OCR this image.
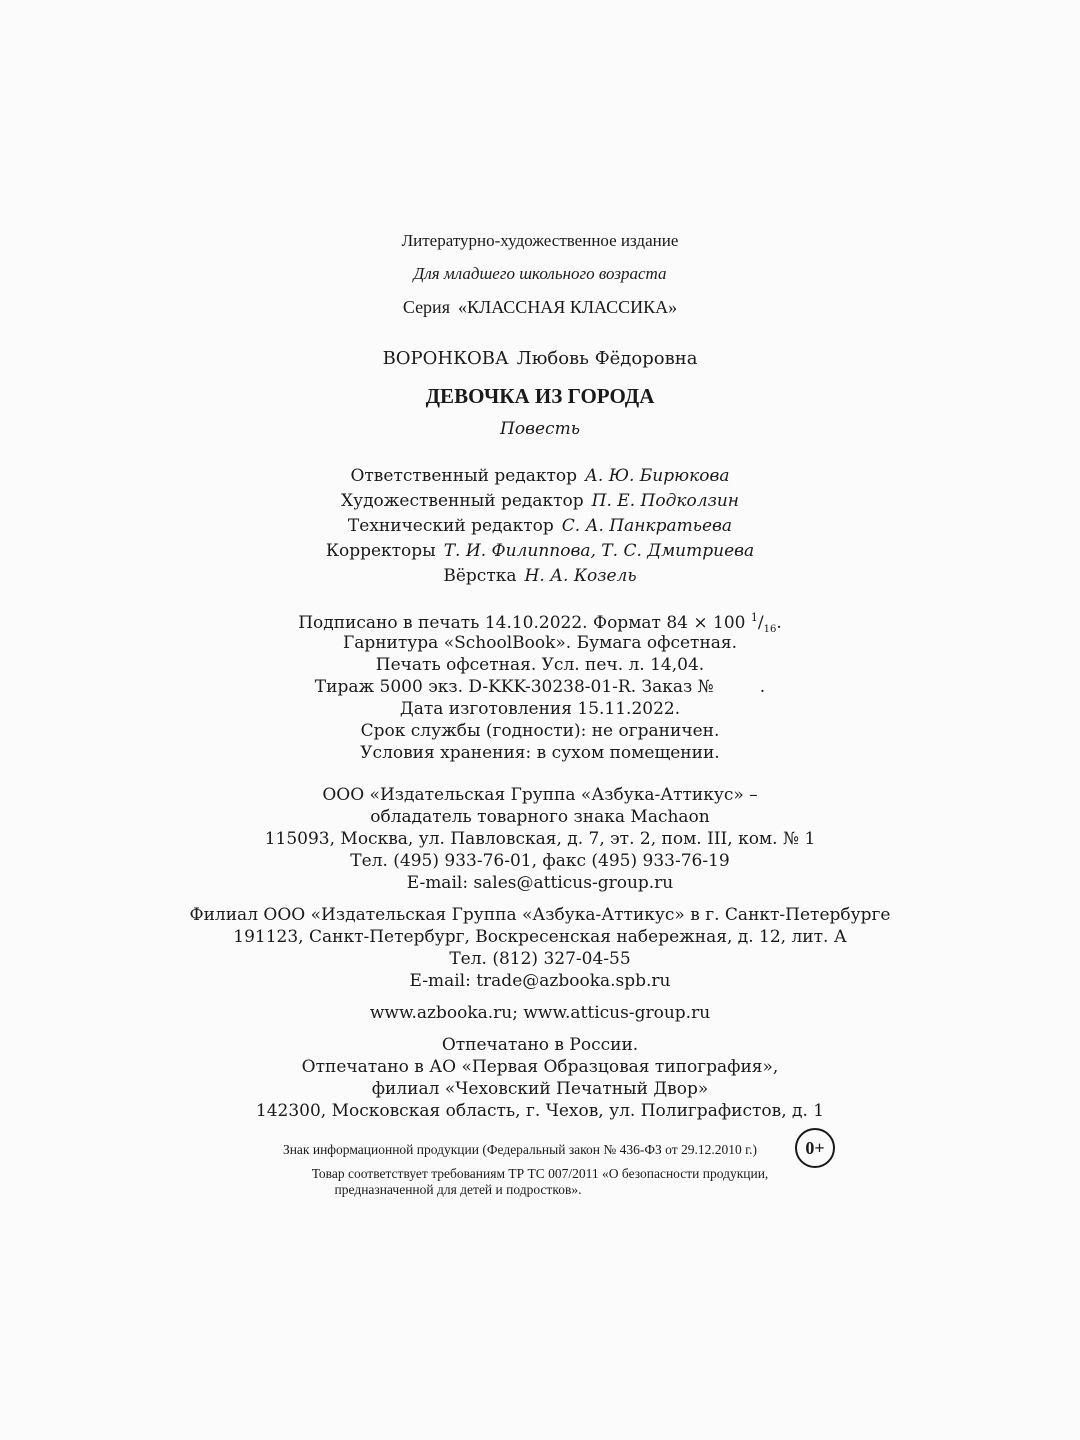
Литературно-художественное издание
Для младшего школьного возраста
Серия «КЛАССНАЯ КЛАССИКА»
ВОРОНКОВА Любовь Фёдоровна
ДЕВОЧКА ИЗ ГОРОДА
Повесть
Ответственный редактор А. Ю. Бирюкова
Художественный редактор П. Е. Подколзин
Технический редактор С. А. Панкратьева
Корректоры Т. И. Филиппова, Т. С. Дмитриева
Вёрстка Н. А. Козель
Подписано в печать 14.10.2022. Формат 84 × 100 $^1/_{16}$.
Гарнитура «SchoolBook». Бумага офсетная.
Печать офсетная. Усл. печ. л. 14,04.
Тираж 5000 экз. D-KKK-30238-01-R. Заказ №	.
Дата изготовления 15.11.2022.
Срок службы (годности): не ограничен.
Условия хранения: в сухом помещении.
ООО «Издательская Группа «Азбука-Аттикус» –
обладатель товарного знака Machaon
115093, Москва, ул. Павловская, д. 7, эт. 2, пом. III, ком. № 1
Тел. (495) 933-76-01, факс (495) 933-76-19
E-mail: sales@atticus-group.ru
Филиал ООО «Издательская Группа «Азбука-Аттикус» в г. Санкт-Петербурге
191123, Санкт-Петербург, Воскресенская набережная, д. 12, лит. А
Тел. (812) 327-04-55
E-mail: trade@azbooka.spb.ru
www.azbooka.ru; www.atticus-group.ru
Отпечатано в России.
Отпечатано в АО «Первая Образцовая типография»,
филиал «Чеховский Печатный Двор»
142300, Московская область, г. Чехов, ул. Полиграфистов, д. 1
Знак информационной продукции (Федеральный закон № 436-ФЗ от 29.12.2010 г.)	0+
Товар соответствует требованиям ТР ТС 007/2011 «О безопасности продукции,
предназначенной для детей и подростков».
